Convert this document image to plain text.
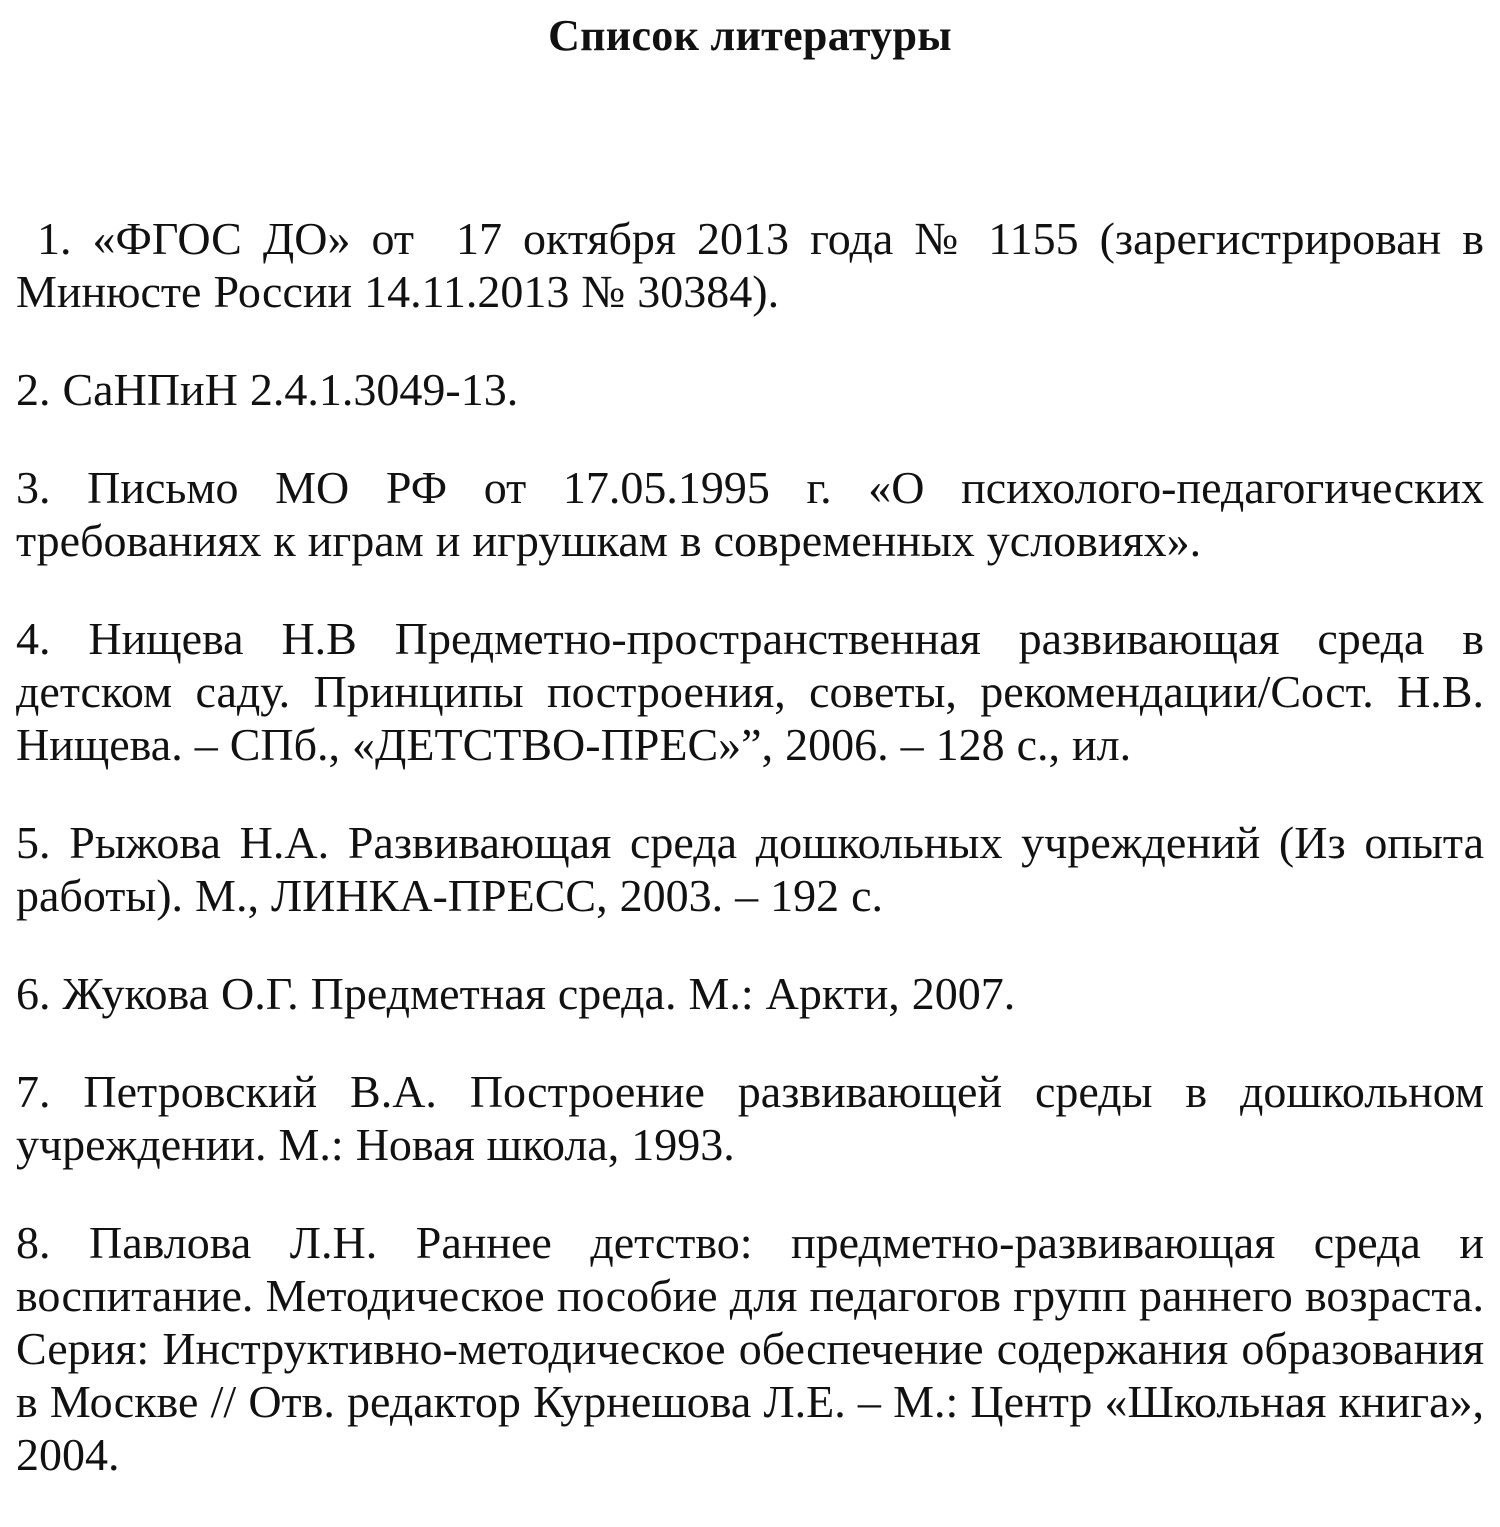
Список литературы
1. «ФГОС ДО» от  17 октября 2013 года № 1155 (зарегистрирован в Минюсте России 14.11.2013 № 30384).
2. СаНПиН 2.4.1.3049-13.
3. Письмо МО РФ от 17.05.1995 г. «О психолого-педагогических требованиях к играм и игрушкам в современных условиях».
4. Нищева Н.В Предметно-пространственная развивающая среда в детском саду. Принципы построения, советы, рекомендации/Сост. Н.В. Нищева. – СПб., «ДЕТСТВО-ПРЕС»”, 2006. – 128 с., ил.
5. Рыжова Н.А. Развивающая среда дошкольных учреждений (Из опыта работы). М., ЛИНКА-ПРЕСС, 2003. – 192 с.
6. Жукова О.Г. Предметная среда. М.: Аркти, 2007.
7. Петровский В.А. Построение развивающей среды в дошкольном учреждении. М.: Новая школа, 1993.
8. Павлова Л.Н. Раннее детство: предметно-развивающая среда и воспитание. Методическое пособие для педагогов групп раннего возраста. Серия: Инструктивно-методическое обеспечение содержания образования в Москве // Отв. редактор Курнешова Л.Е. – М.: Центр «Школьная книга», 2004.
